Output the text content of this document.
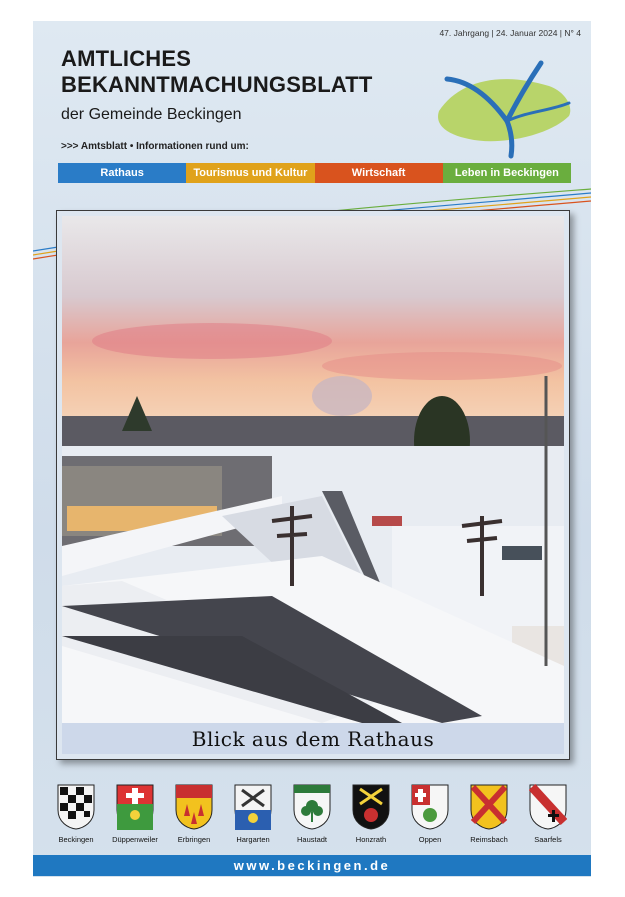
47. Jahrgang | 24. Januar 2024 | N° 4
AMTLICHES
BEKANNTMACHUNGSBLATT
der Gemeinde Beckingen
>>> Amtsblatt • Informationen rund um:
Rathaus	Tourismus und Kultur	Wirtschaft	Leben in Beckingen
Blick aus dem Rathaus
Beckingen Düppenweiler	Erbringen	Hargarten	Haustadt	Honzrath	Oppen	Reimsbach	Saarfels
www.beckingen.de
